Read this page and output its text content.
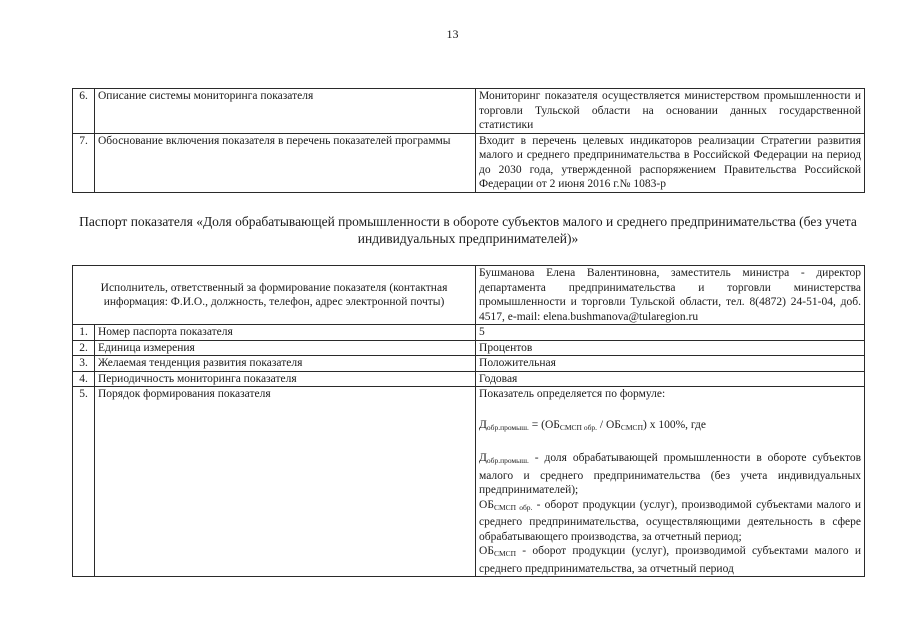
13
6.	Описание системы мониторинга показателя	Мониторинг показателя осуществляется министерством промышленности и торговли Тульской области на основании данных государственной статистики
7.	Обоснование включения показателя в перечень показателей программы	Входит в перечень целевых индикаторов реализации Стратегии развития малого и среднего предпринимательства в Российской Федерации на период до 2030 года, утвержденной распоряжением Правительства Российской Федерации от 2 июня 2016 г.№ 1083-р
Паспорт показателя «Доля обрабатывающей промышленности в обороте субъектов малого и среднего предпринимательства (без учета индивидуальных предпринимателей)»
Исполнитель, ответственный за формирование показателя (контактная информация: Ф.И.О., должность, телефон, адрес электронной почты)		Бушманова Елена Валентиновна, заместитель министра - директор департамента предпринимательства и торговли министерства промышленности и торговли Тульской области, тел. 8(4872) 24-51-04, доб. 4517, e-mail: elena.bushmanova@tularegion.ru
1.	Номер паспорта показателя	5
2.	Единица измерения	Процентов
3.	Желаемая тенденция развития показателя	Положительная
4.	Периодичность мониторинга показателя	Годовая
5.	Порядок формирования показателя	Показатель определяется по формуле:
$Д_{обр.промыш.} = (ОБ_{СМСП}$ $_{обр.} / ОБ_{СМСП}$) x 100%, где
$Д_{обр.промыш.}$ - доля обрабатывающей промышленности в обороте субъектов малого и среднего предпринимательства (без учета индивидуальных предпринимателей);
$ОБ_{СМСП обр.}$ - оборот продукции (услуг), производимой субъектами малого и среднего предпринимательства, осуществляющими деятельность в сфере обрабатывающего производства, за отчетный период;
$ОБ_{СМСП}$ - оборот продукции (услуг), производимой субъектами малого и среднего предпринимательства, за отчетный период
